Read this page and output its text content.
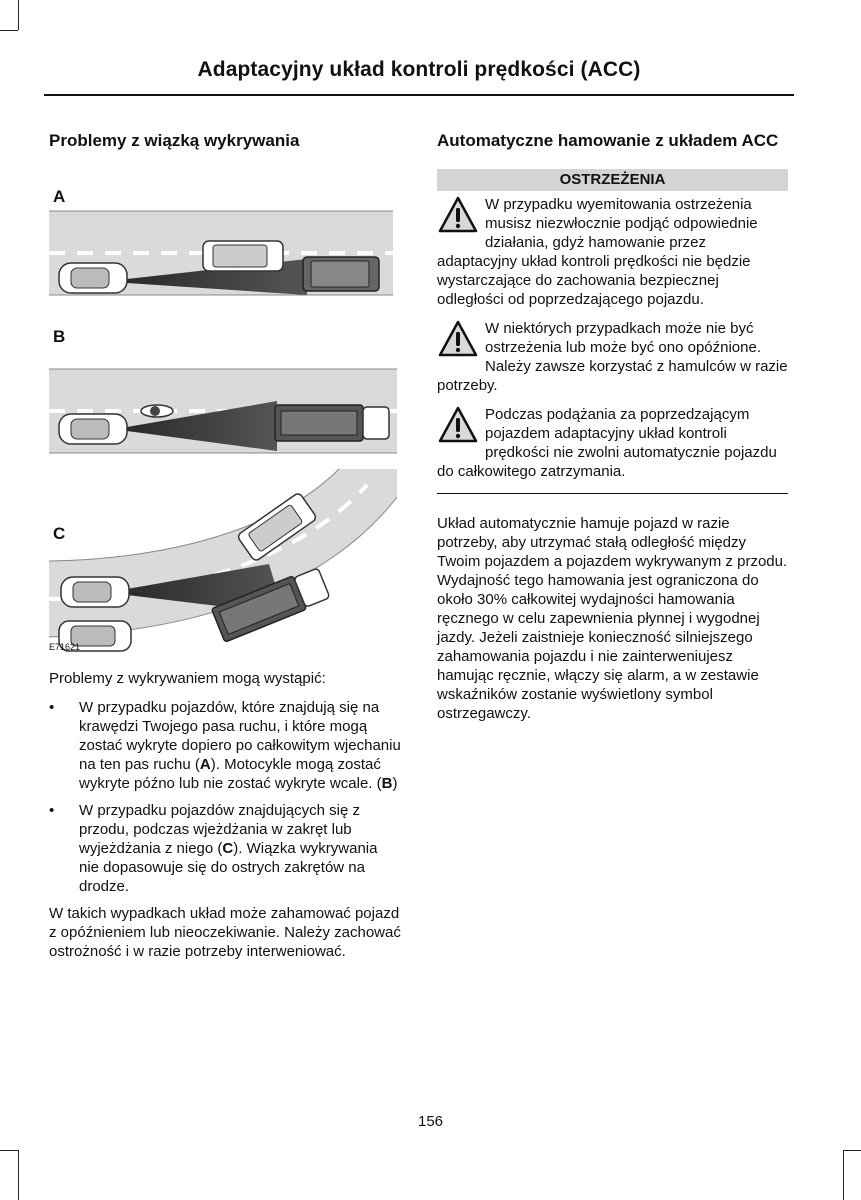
Adaptacyjny układ kontroli prędkości (ACC)
Problemy z wiązką wykrywania
A
B
C
E71621

Problemy z wykrywaniem mogą wystąpić:

• W przypadku pojazdów, które znajdują się na krawędzi Twojego pasa ruchu, i które mogą zostać wykryte dopiero po całkowitym wjechaniu na ten pas ruchu (A). Motocykle mogą zostać wykryte późno lub nie zostać wykryte wcale. (B)
• W przypadku pojazdów znajdujących się z przodu, podczas wjeżdżania w zakręt lub wyjeżdżania z niego (C). Wiązka wykrywania nie dopasowuje się do ostrych zakrętów na drodze.

W takich wypadkach układ może zahamować pojazd z opóźnieniem lub nieoczekiwanie. Należy zachować ostrożność i w razie potrzeby interweniować.

Automatyczne hamowanie z układem ACC
OSTRZEŻENIA
W przypadku wyemitowania ostrzeżenia musisz niezwłocznie podjąć odpowiednie działania, gdyż hamowanie przez adaptacyjny układ kontroli prędkości nie będzie wystarczające do zachowania bezpiecznej odległości od poprzedzającego pojazdu.
W niektórych przypadkach może nie być ostrzeżenia lub może być ono opóźnione. Należy zawsze korzystać z hamulców w razie potrzeby.
Podczas podążania za poprzedzającym pojazdem adaptacyjny układ kontroli prędkości nie zwolni automatycznie pojazdu do całkowitego zatrzymania.

Układ automatycznie hamuje pojazd w razie potrzeby, aby utrzymać stałą odległość między Twoim pojazdem a pojazdem wykrywanym z przodu. Wydajność tego hamowania jest ograniczona do około 30% całkowitej wydajności hamowania ręcznego w celu zapewnienia płynnej i wygodnej jazdy. Jeżeli zaistnieje konieczność silniejszego zahamowania pojazdu i nie zainterweniujesz hamując ręcznie, włączy się alarm, a w zestawie wskaźników zostanie wyświetlony symbol ostrzegawczy.

156
